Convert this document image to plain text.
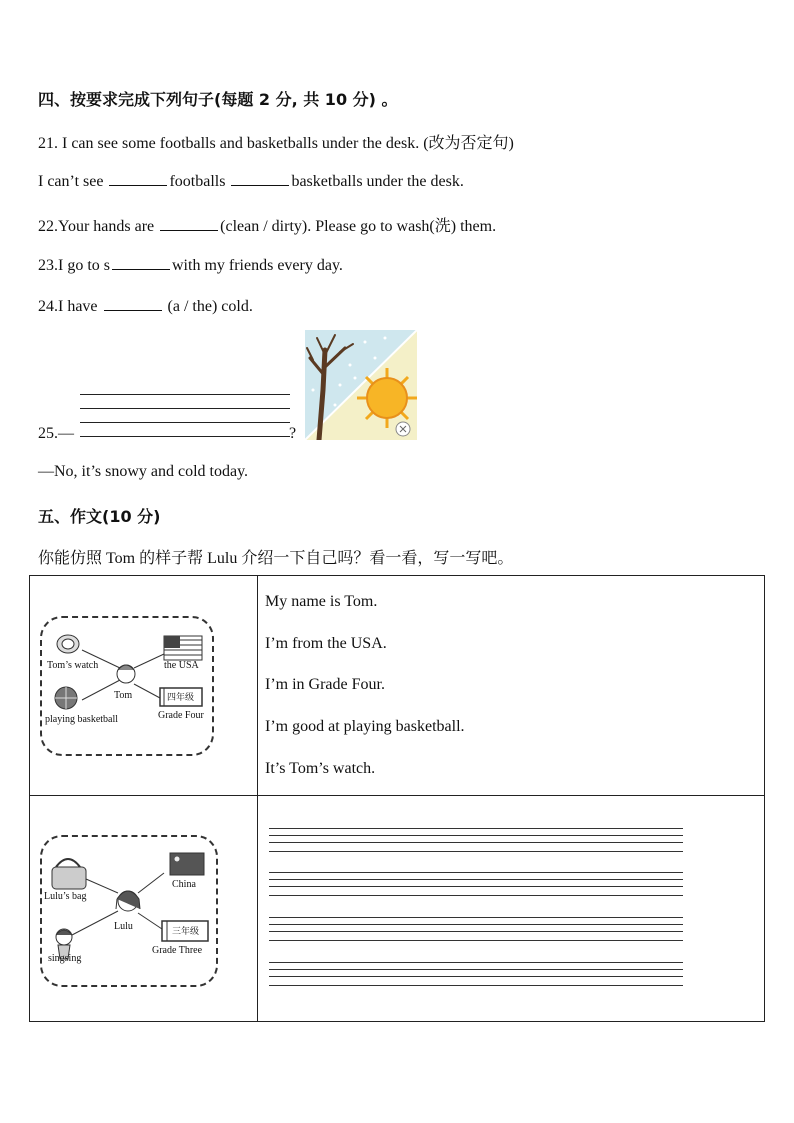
四、按要求完成下列句子(每题 2 分, 共 10 分) 。
21. I can see some footballs and basketballs under the desk. (改为否定句)
I can’t see	footballs	basketballs under the desk.
22.Your hands are	(clean / dirty). Please go to wash(洗) them.
23.I go to s	with my friends every day.
24.I have	(a / the) cold.
25.—	?
—No, it’s snowy and cold today.
五、作文(10 分)
你能仿照 Tom 的样子帮 Lulu 介绍一下自己吗？看一看，写一写吧。
Tom’s watch	the USA
Tom	四年级
playing basketball	Grade Four
My name is Tom.
I’m from the USA.
I’m in Grade Four.
I’m good at playing basketball.
It’s Tom’s watch.
Lulu’s bag
China
Lulu	三年级
singsing
Grade Three
